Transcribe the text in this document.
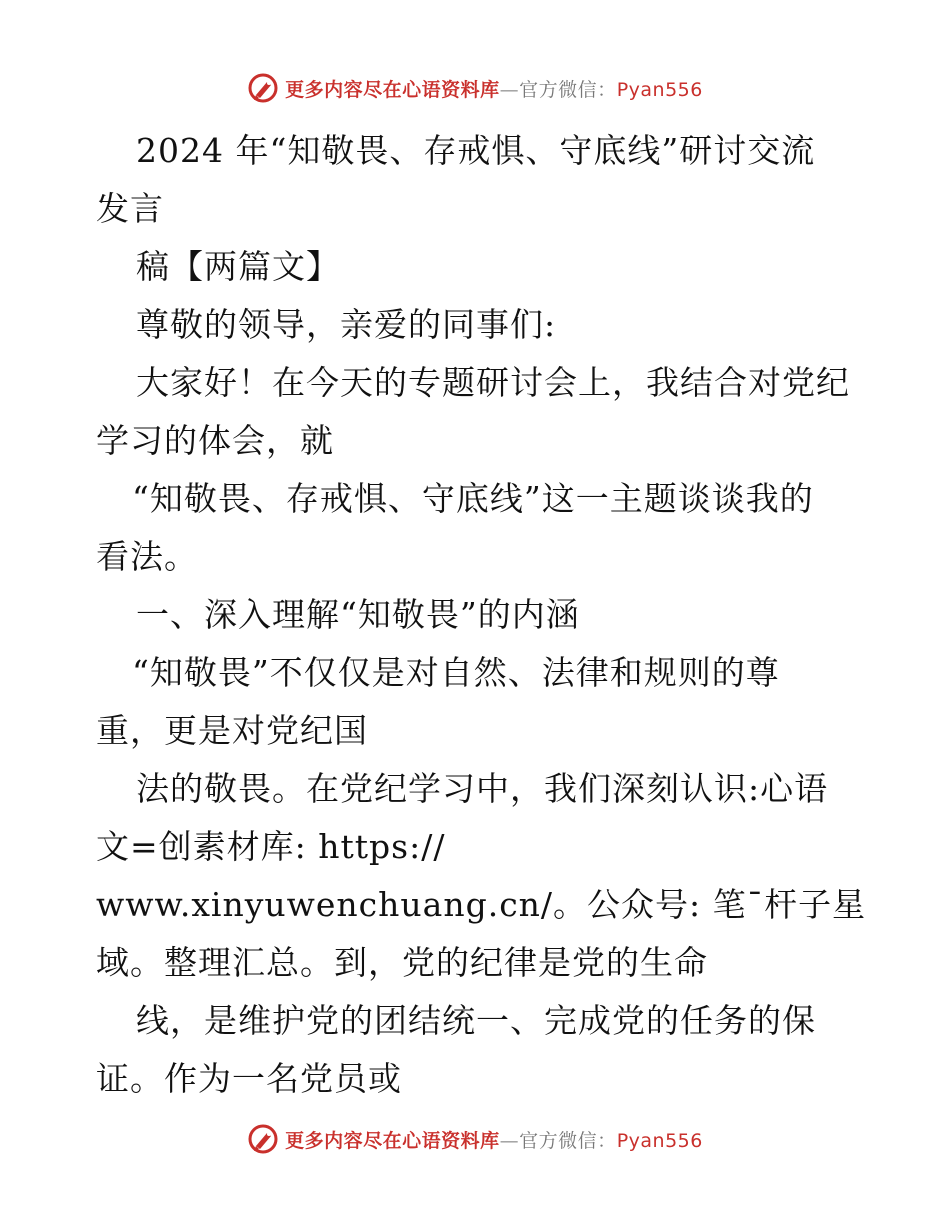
更多内容尽在心语资料库—官方微信：Pyan556
2024 年“知敬畏、存戒惧、守底线”研讨交流
发言
稿【两篇文】
尊敬的领导，亲爱的同事们:
大家好！在今天的专题研讨会上，我结合对党纪
学习的体会，就
“知敬畏、存戒惧、守底线”这一主题谈谈我的
看法。
一、深入理解“知敬畏”的内涵
“知敬畏”不仅仅是对自然、法律和规则的尊
重，更是对党纪国
法的敬畏。在党纪学习中，我们深刻认识:心语
文=创素材库: https://
www.xinyuwenchuang.cn/。公众号: 笔¯杆子星
域。整理汇总。到，党的纪律是党的生命
线，是维护党的团结统一、完成党的任务的保
证。作为一名党员或
更多内容尽在心语资料库—官方微信：Pyan556
